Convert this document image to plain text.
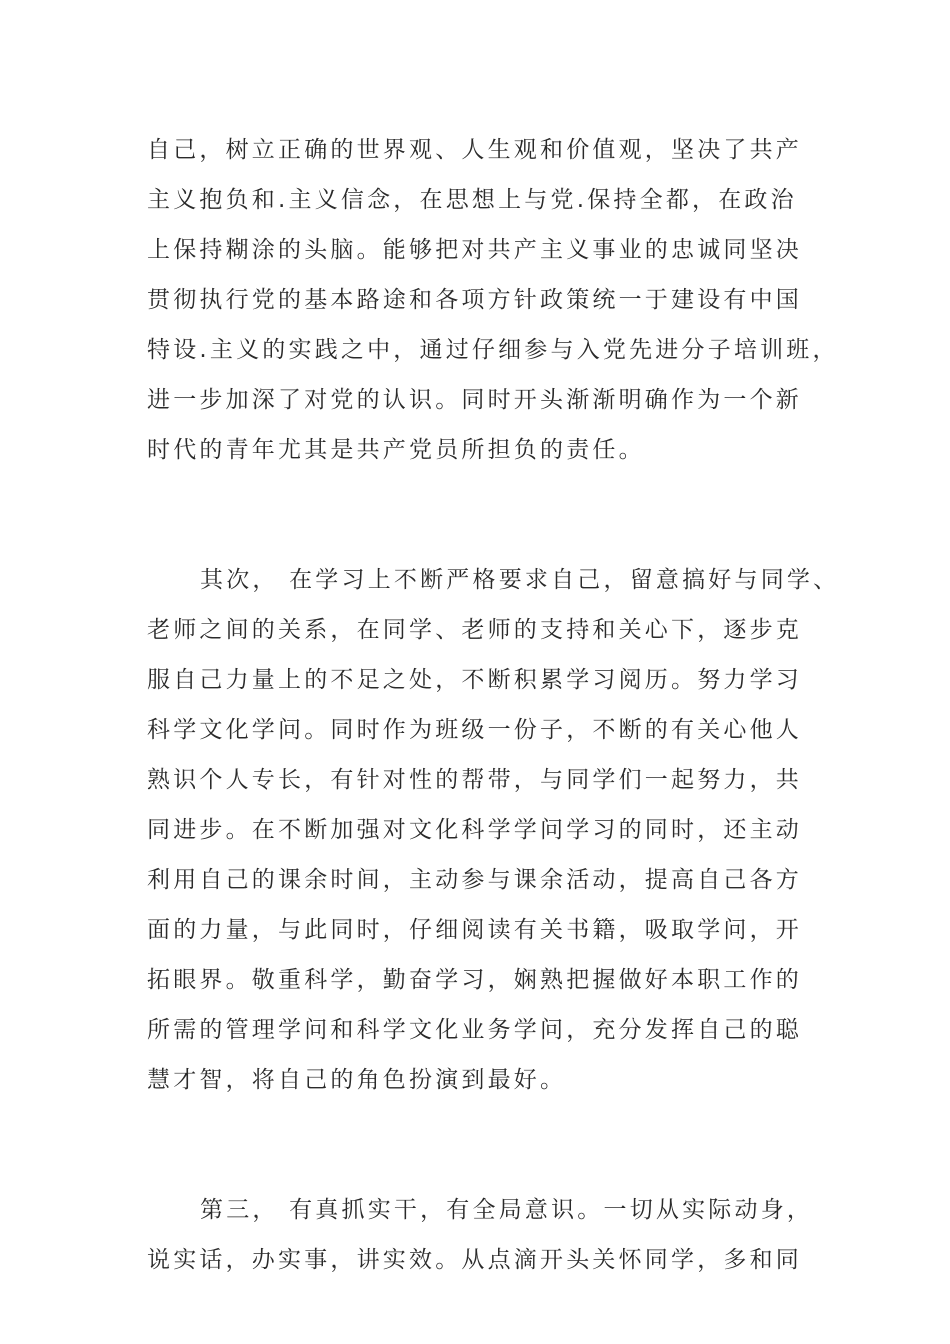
自己，树立正确的世界观、人生观和价值观，坚决了共产
主义抱负和.主义信念，在思想上与党.保持全都，在政治
上保持糊涂的头脑。能够把对共产主义事业的忠诚同坚决
贯彻执行党的基本路途和各项方针政策统一于建设有中国
特设.主义的实践之中，通过仔细参与入党先进分子培训班，
进一步加深了对党的认识。同时开头渐渐明确作为一个新
时代的青年尤其是共产党员所担负的责任。
其次， 在学习上不断严格要求自己，留意搞好与同学、
老师之间的关系，在同学、老师的支持和关心下，逐步克
服自己力量上的不足之处，不断积累学习阅历。努力学习
科学文化学问。同时作为班级一份子，不断的有关心他人
熟识个人专长，有针对性的帮带，与同学们一起努力，共
同进步。在不断加强对文化科学学问学习的同时，还主动
利用自己的课余时间，主动参与课余活动，提高自己各方
面的力量，与此同时，仔细阅读有关书籍，吸取学问，开
拓眼界。敬重科学，勤奋学习，娴熟把握做好本职工作的
所需的管理学问和科学文化业务学问，充分发挥自己的聪
慧才智，将自己的角色扮演到最好。
第三， 有真抓实干，有全局意识。一切从实际动身，
说实话，办实事，讲实效。从点滴开头关怀同学，多和同
